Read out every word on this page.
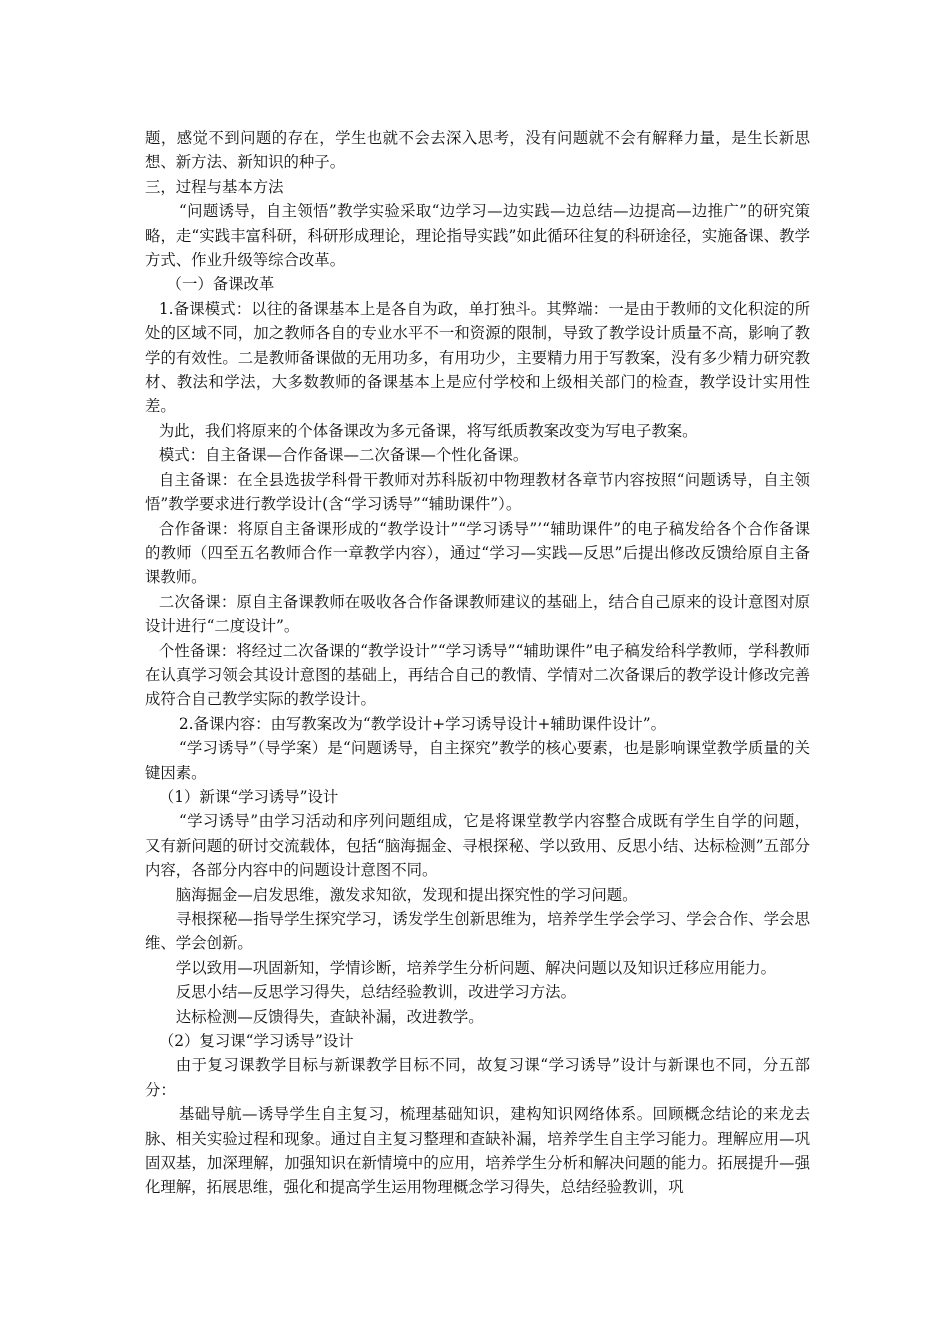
题，感觉不到问题的存在，学生也就不会去深入思考，没有问题就不会有解释力量，是生长新思想、新方法、新知识的种子。

三，过程与基本方法

“问题诱导，自主领悟”教学实验采取“边学习—边实践—边总结—边提高—边推广”的研究策略，走“实践丰富科研，科研形成理论，理论指导实践”如此循环往复的科研途径，实施备课、教学方式、作业升级等综合改革。

（一）备课改革

1.备课模式：以往的备课基本上是各自为政，单打独斗。其弊端：一是由于教师的文化积淀的所处的区域不同，加之教师各自的专业水平不一和资源的限制，导致了教学设计质量不高，影响了教学的有效性。二是教师备课做的无用功多，有用功少，主要精力用于写教案，没有多少精力研究教材、教法和学法，大多数教师的备课基本上是应付学校和上级相关部门的检查，教学设计实用性差。

为此，我们将原来的个体备课改为多元备课，将写纸质教案改变为写电子教案。

模式：自主备课—合作备课—二次备课—个性化备课。

自主备课：在全县选拔学科骨干教师对苏科版初中物理教材各章节内容按照“问题诱导，自主领悟”教学要求进行教学设计(含“学习诱导”“辅助课件”）。

合作备课：将原自主备课形成的“教学设计”“学习诱导”’“辅助课件”的电子稿发给各个合作备课的教师（四至五名教师合作一章教学内容），通过“学习—实践—反思”后提出修改反馈给原自主备课教师。

二次备课：原自主备课教师在吸收各合作备课教师建议的基础上，结合自己原来的设计意图对原设计进行“二度设计”。

个性备课：将经过二次备课的“教学设计”“学习诱导”“辅助课件”电子稿发给科学教师，学科教师在认真学习领会其设计意图的基础上，再结合自己的教情、学情对二次备课后的教学设计修改完善成符合自己教学实际的教学设计。

2.备课内容：由写教案改为“教学设计+学习诱导设计+辅助课件设计”。

“学习诱导”（导学案）是“问题诱导，自主探究”教学的核心要素，也是影响课堂教学质量的关键因素。

（1）新课“学习诱导”设计

“学习诱导”由学习活动和序列问题组成，它是将课堂教学内容整合成既有学生自学的问题，又有新问题的研讨交流载体，包括“脑海掘金、寻根探秘、学以致用、反思小结、达标检测”五部分内容，各部分内容中的问题设计意图不同。

脑海掘金—启发思维，激发求知欲，发现和提出探究性的学习问题。

寻根探秘—指导学生探究学习，诱发学生创新思维为，培养学生学会学习、学会合作、学会思维、学会创新。

学以致用—巩固新知，学情诊断，培养学生分析问题、解决问题以及知识迁移应用能力。

反思小结—反思学习得失，总结经验教训，改进学习方法。

达标检测—反馈得失，查缺补漏，改进教学。

（2）复习课“学习诱导”设计

由于复习课教学目标与新课教学目标不同，故复习课“学习诱导”设计与新课也不同，分五部分：

基础导航—诱导学生自主复习，梳理基础知识，建构知识网络体系。回顾概念结论的来龙去脉、相关实验过程和现象。通过自主复习整理和查缺补漏，培养学生自主学习能力。理解应用—巩固双基，加深理解，加强知识在新情境中的应用，培养学生分析和解决问题的能力。拓展提升—强化理解，拓展思维，强化和提高学生运用物理概念学习得失，总结经验教训，巩
